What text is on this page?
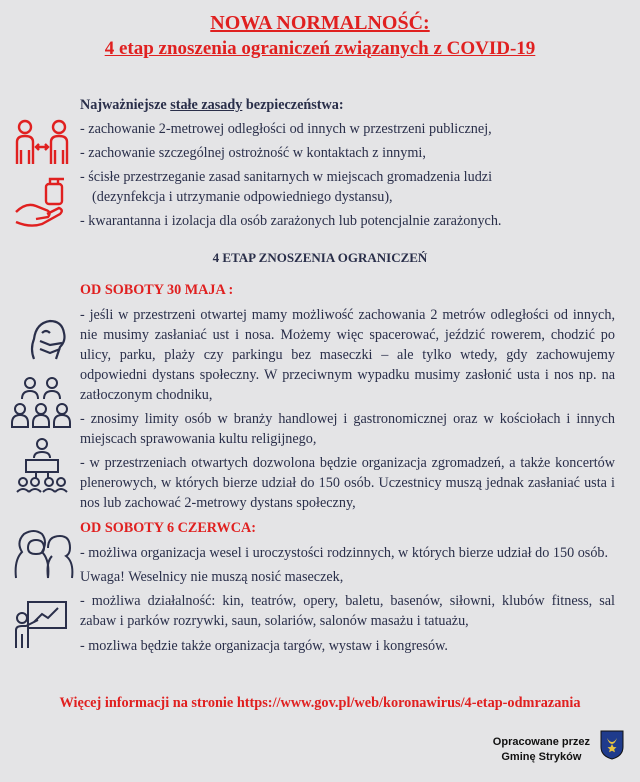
NOWA NORMALNOŚĆ:
4 etap znoszenia ograniczeń związanych z COVID-19

Najważniejsze stałe zasady bezpieczeństwa:

- zachowanie 2-metrowej odległości od innych w przestrzeni publicznej,

- zachowanie szczególnej ostrożność w kontaktach z innymi,

- ścisłe przestrzeganie zasad sanitarnych w miejscach gromadzenia ludzi

(dezynfekcja i utrzymanie odpowiedniego dystansu),

- kwarantanna i izolacja dla osób zarażonych lub potencjalnie zarażonych.

4 ETAP ZNOSZENIA OGRANICZEŃ

OD SOBOTY 30 MAJA :

- jeśli w przestrzeni otwartej mamy możliwość zachowania 2 metrów odległości od innych, nie musimy zasłaniać ust i nosa. Możemy więc spacerować, jeździć rowerem, chodzić po ulicy, parku, plaży czy parkingu bez maseczki – ale tylko wtedy, gdy zachowujemy odpowiedni dystans społeczny. W przeciwnym wypadku musimy zasłonić usta i nos np. na zatłoczonym chodniku,

- znosimy limity osób w branży handlowej i gastronomicznej oraz w kościołach i innych miejscach sprawowania kultu religijnego,

- w przestrzeniach otwartych dozwolona będzie organizacja zgromadzeń, a także koncertów plenerowych, w których bierze udział do 150 osób. Uczestnicy muszą jednak zasłaniać usta i nos lub zachować 2-metrowy dystans społeczny,

OD SOBOTY 6 CZERWCA:

- możliwa organizacja wesel i uroczystości rodzinnych, w których bierze udział do 150 osób.

Uwaga! Weselnicy nie muszą nosić maseczek,

- możliwa działalność: kin, teatrów, opery, baletu, basenów, siłowni, klubów fitness, sal zabaw i parków rozrywki, saun, solariów, salonów masażu i tatuażu,

- mozliwa będzie także organizacja targów, wystaw i kongresów.

Więcej informacji na stronie https://www.gov.pl/web/koronawirus/4-etap-odmrazania
Opracowane przez
Gminę Stryków
